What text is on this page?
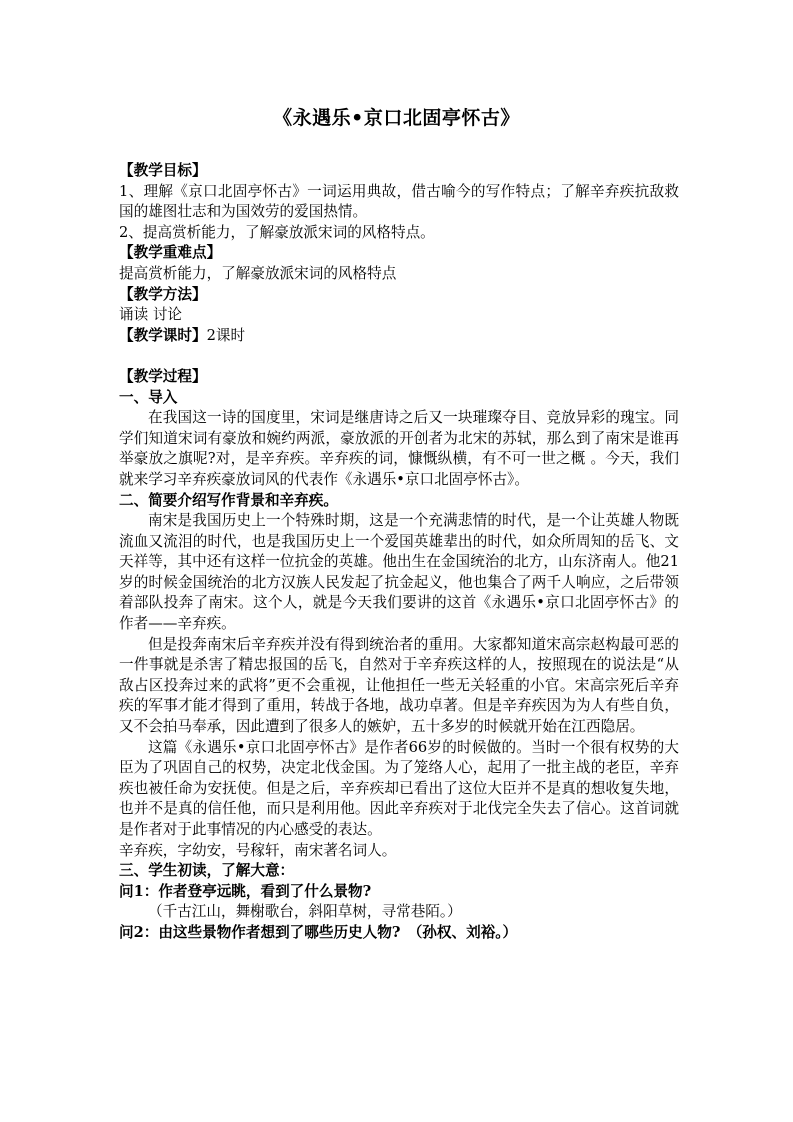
《永遇乐•京口北固亭怀古》

【教学目标】

1、理解《京口北固亭怀古》一词运用典故，借古喻今的写作特点；了解辛弃疾抗敌救国的雄图壮志和为国效劳的爱国热情。

2、提高赏析能力，了解豪放派宋词的风格特点。

【教学重难点】

提高赏析能力，了解豪放派宋词的风格特点

【教学方法】

诵读 讨论

【教学课时】2课时

【教学过程】

一、导入

在我国这一诗的国度里，宋词是继唐诗之后又一块璀璨夺目、竞放异彩的瑰宝。同学们知道宋词有豪放和婉约两派，豪放派的开创者为北宋的苏轼，那么到了南宋是谁再举豪放之旗呢?对，是辛弃疾。辛弃疾的词，慷慨纵横，有不可一世之概 。今天，我们就来学习辛弃疾豪放词风的代表作《永遇乐•京口北固亭怀古》。

二、简要介绍写作背景和辛弃疾。

南宋是我国历史上一个特殊时期，这是一个充满悲情的时代，是一个让英雄人物既流血又流泪的时代，也是我国历史上一个爱国英雄辈出的时代，如众所周知的岳飞、文天祥等，其中还有这样一位抗金的英雄。他出生在金国统治的北方，山东济南人。他21岁的时候金国统治的北方汉族人民发起了抗金起义，他也集合了两千人响应，之后带领着部队投奔了南宋。这个人，就是今天我们要讲的这首《永遇乐•京口北固亭怀古》的作者——辛弃疾。

但是投奔南宋后辛弃疾并没有得到统治者的重用。大家都知道宋高宗赵构最可恶的一件事就是杀害了精忠报国的岳飞，自然对于辛弃疾这样的人，按照现在的说法是“从敌占区投奔过来的武将”更不会重视，让他担任一些无关轻重的小官。宋高宗死后辛弃疾的军事才能才得到了重用，转战于各地，战功卓著。但是辛弃疾因为为人有些自负，又不会拍马奉承，因此遭到了很多人的嫉妒，五十多岁的时候就开始在江西隐居。

这篇《永遇乐•京口北固亭怀古》是作者66岁的时候做的。当时一个很有权势的大臣为了巩固自己的权势，决定北伐金国。为了笼络人心，起用了一批主战的老臣，辛弃疾也被任命为安抚使。但是之后，辛弃疾却已看出了这位大臣并不是真的想收复失地，也并不是真的信任他，而只是利用他。因此辛弃疾对于北伐完全失去了信心。这首词就是作者对于此事情况的内心感受的表达。

辛弃疾，字幼安，号稼轩，南宋著名词人。

三、学生初读，了解大意：

问1：作者登亭远眺，看到了什么景物?

（千古江山，舞榭歌台，斜阳草树，寻常巷陌。）

问2：由这些景物作者想到了哪些历史人物?　（孙权、刘裕。）
